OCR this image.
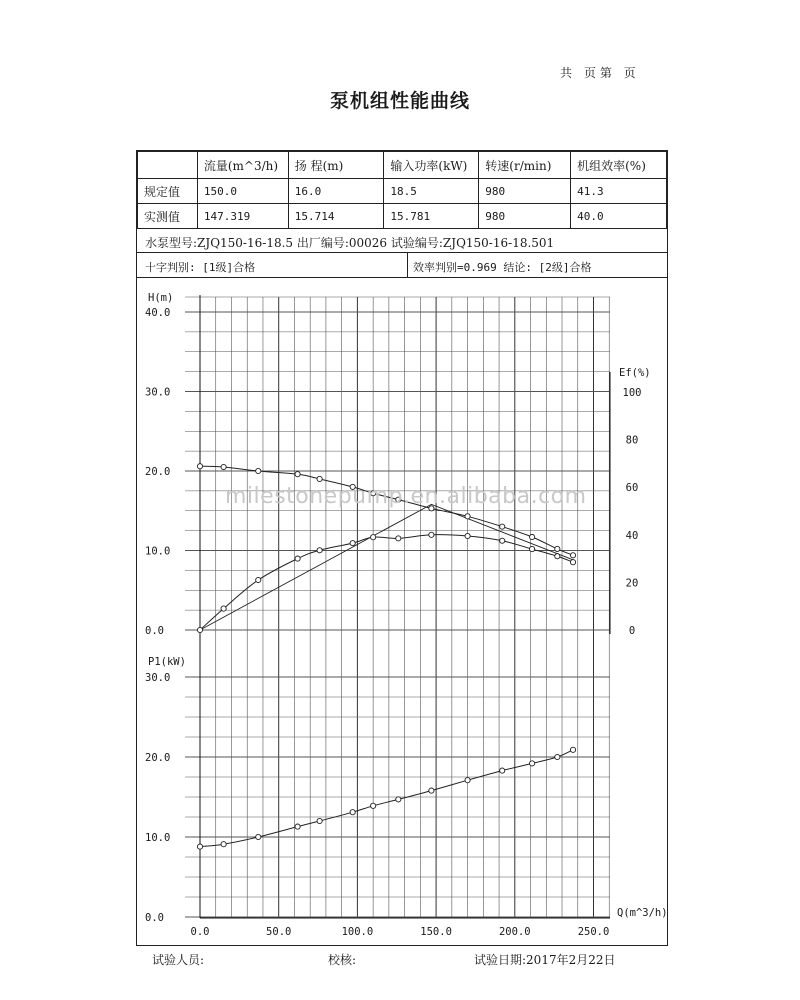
共 页第 页
泵机组性能曲线
	流量(m^3/h)	扬 程(m)	输入功率(kW)	转速(r/min)	机组效率(%)
规定值	150.0	16.0	18.5	980	41.3
实测值	147.319	15.714	15.781	980	40.0
水泵型号:ZJQ150-16-18.5 出厂编号:00026 试验编号:ZJQ150-16-18.501
十字判别: [1级]合格	效率判别=0.969 结论: [2级]合格
H(m)
Ef(%)
P1(kW)
Q(m^3/h)
0.0
10.0
20.0
30.0
40.0
0
20
40
60
80
100
0.0
10.0
20.0
30.0
0.0	50.0	100.0	150.0	200.0	250.0
milestonepump.en.alibaba.com
试验人员:	校核:	试验日期:2017年2月22日
